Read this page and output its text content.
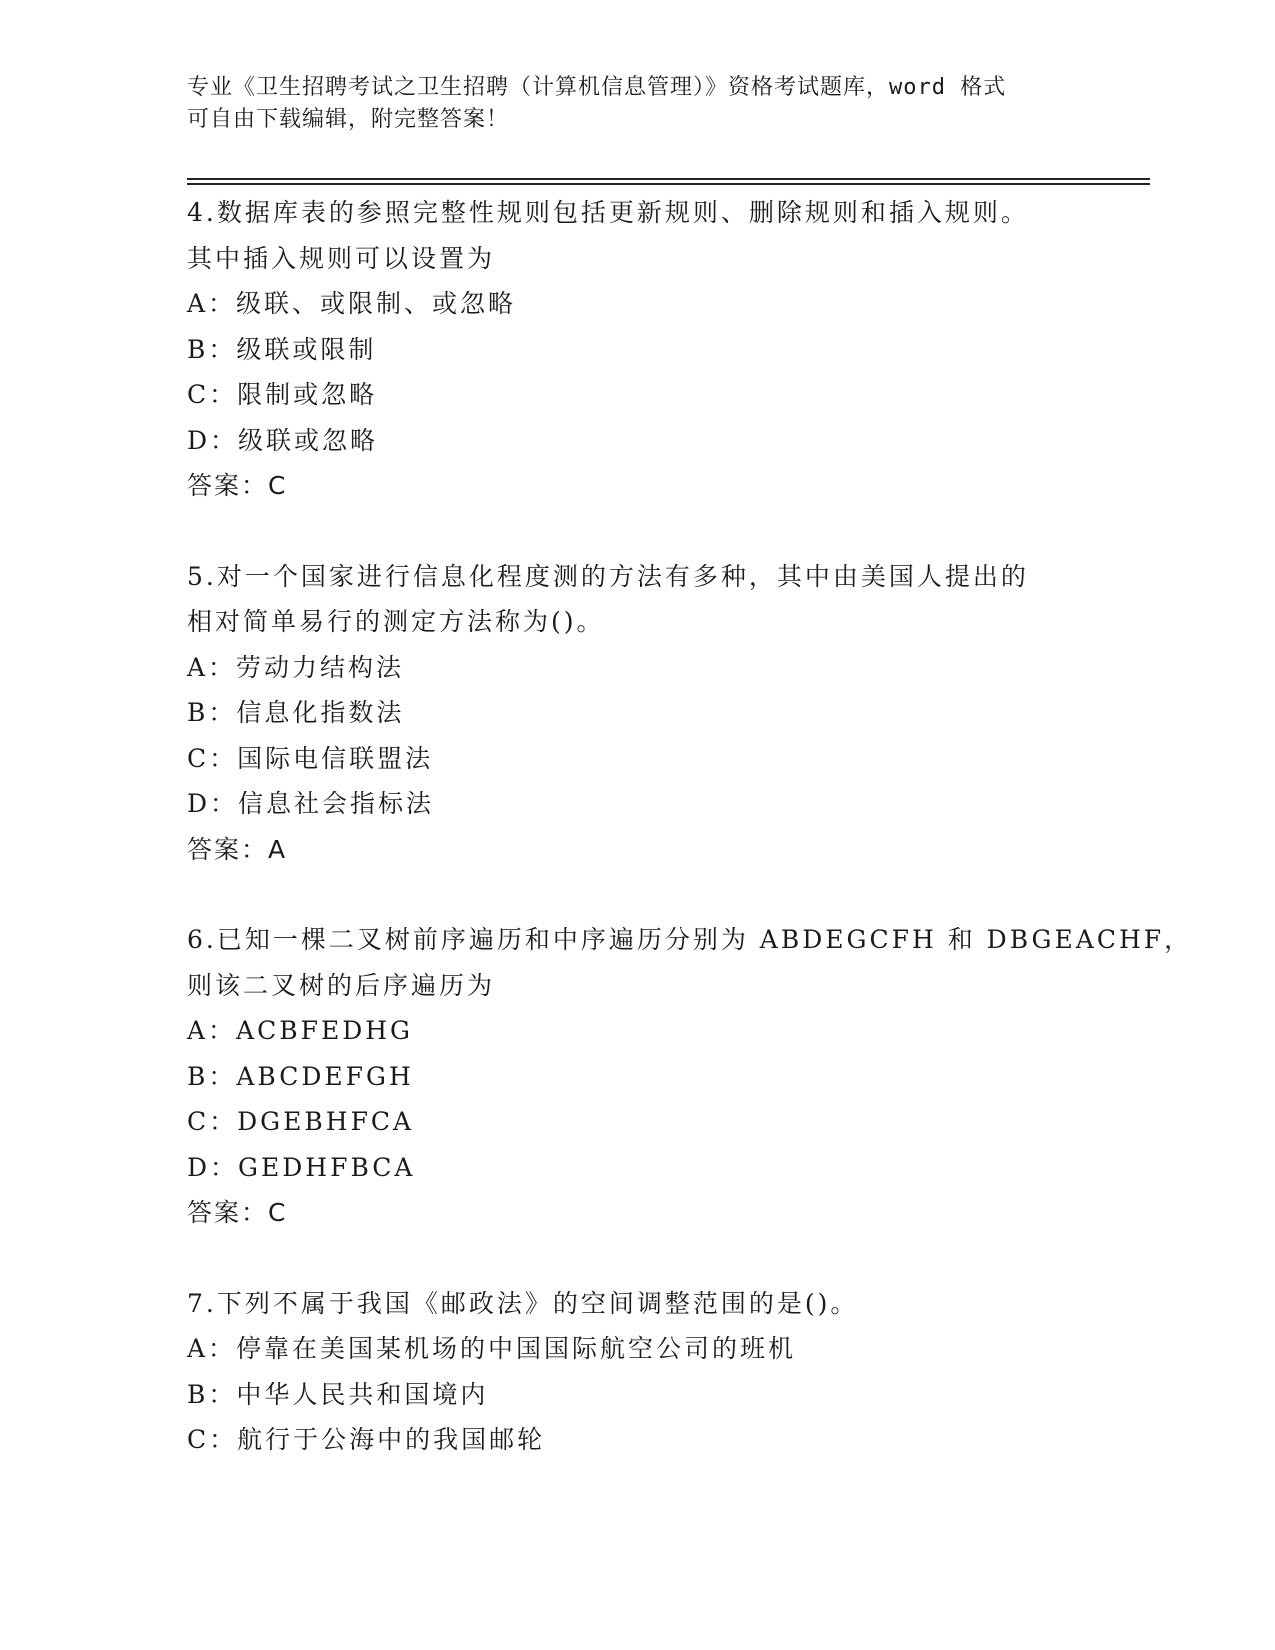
专业《卫生招聘考试之卫生招聘（计算机信息管理）》资格考试题库，word 格式

可自由下载编辑，附完整答案！

4.数据库表的参照完整性规则包括更新规则、删除规则和插入规则。
其中插入规则可以设置为
A：级联、或限制、或忽略
B：级联或限制
C：限制或忽略
D：级联或忽略
答案：C
5.对一个国家进行信息化程度测的方法有多种，其中由美国人提出的
相对简单易行的测定方法称为()。
A：劳动力结构法
B：信息化指数法
C：国际电信联盟法
D：信息社会指标法
答案：A
6.已知一棵二叉树前序遍历和中序遍历分别为 ABDEGCFH 和 DBGEACHF，
则该二叉树的后序遍历为
A：ACBFEDHG
B：ABCDEFGH
C：DGEBHFCA
D：GEDHFBCA
答案：C
7.下列不属于我国《邮政法》的空间调整范围的是()。
A：停靠在美国某机场的中国国际航空公司的班机
B：中华人民共和国境内
C：航行于公海中的我国邮轮
